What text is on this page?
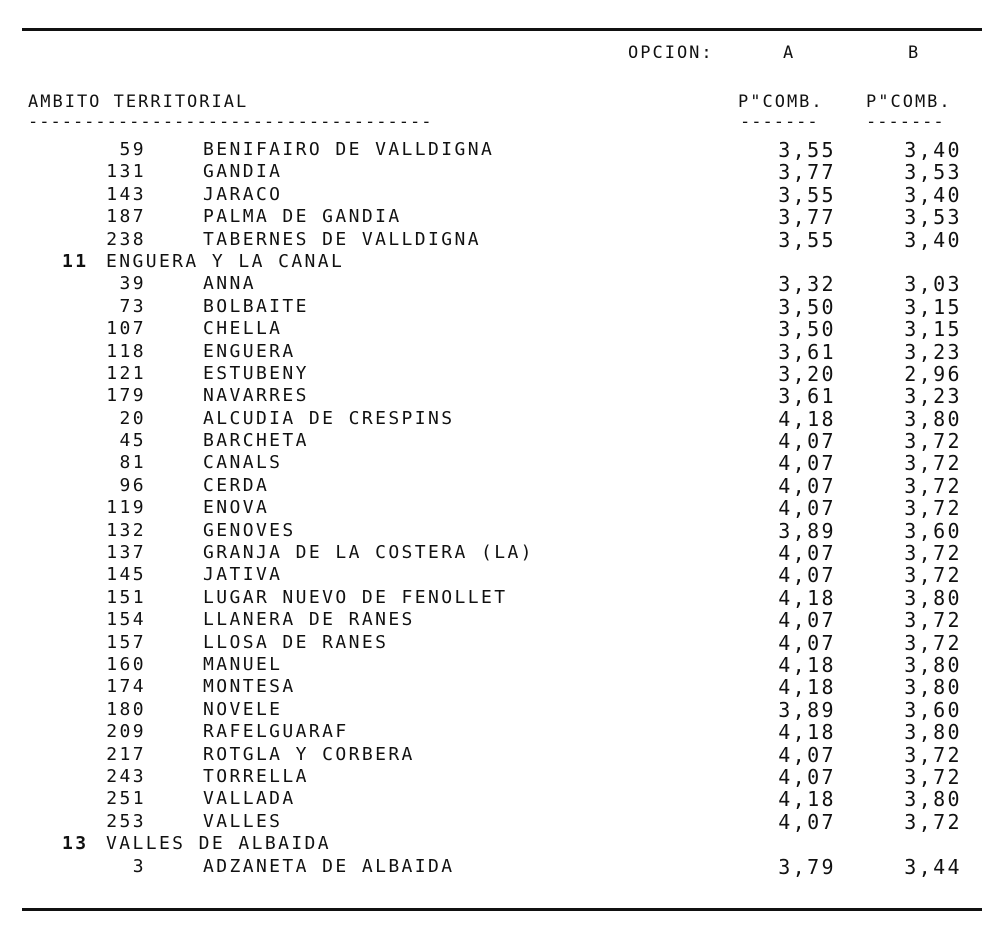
OPCION:	A	B
AMBITO TERRITORIAL	P"COMB. P"COMB.
------------------------------------	-------	-------
59	BENIFAIRO DE VALLDIGNA	3,55	3,40
131	GANDIA	3,77	3,53
143	JARACO	3,55	3,40
187	PALMA DE GANDIA	3,77	3,53
238	TABERNES DE VALLDIGNA	3,55	3,40
11 ENGUERA Y LA CANAL
39	ANNA	3,32	3,03
73	BOLBAITE	3,50	3,15
107	CHELLA	3,50	3,15
118	ENGUERA	3,61	3,23
121	ESTUBENY	3,20	2,96
179	NAVARRES	3,61	3,23
20	ALCUDIA DE CRESPINS	4,18	3,80
45	BARCHETA	4,07	3,72
81	CANALS	4,07	3,72
96	CERDA	4,07	3,72
119	ENOVA	4,07	3,72
132	GENOVES	3,89	3,60
137	GRANJA DE LA COSTERA (LA)	4,07	3,72
145	JATIVA	4,07	3,72
151	LUGAR NUEVO DE FENOLLET	4,18	3,80
154	LLANERA DE RANES	4,07	3,72
157	LLOSA DE RANES	4,07	3,72
160	MANUEL	4,18	3,80
174	MONTESA	4,18	3,80
180	NOVELE	3,89	3,60
209	RAFELGUARAF	4,18	3,80
217	ROTGLA Y CORBERA	4,07	3,72
243	TORRELLA	4,07	3,72
251	VALLADA	4,18	3,80
253	VALLES	4,07	3,72
13 VALLES DE ALBAIDA
3	ADZANETA DE ALBAIDA	3,79	3,44
